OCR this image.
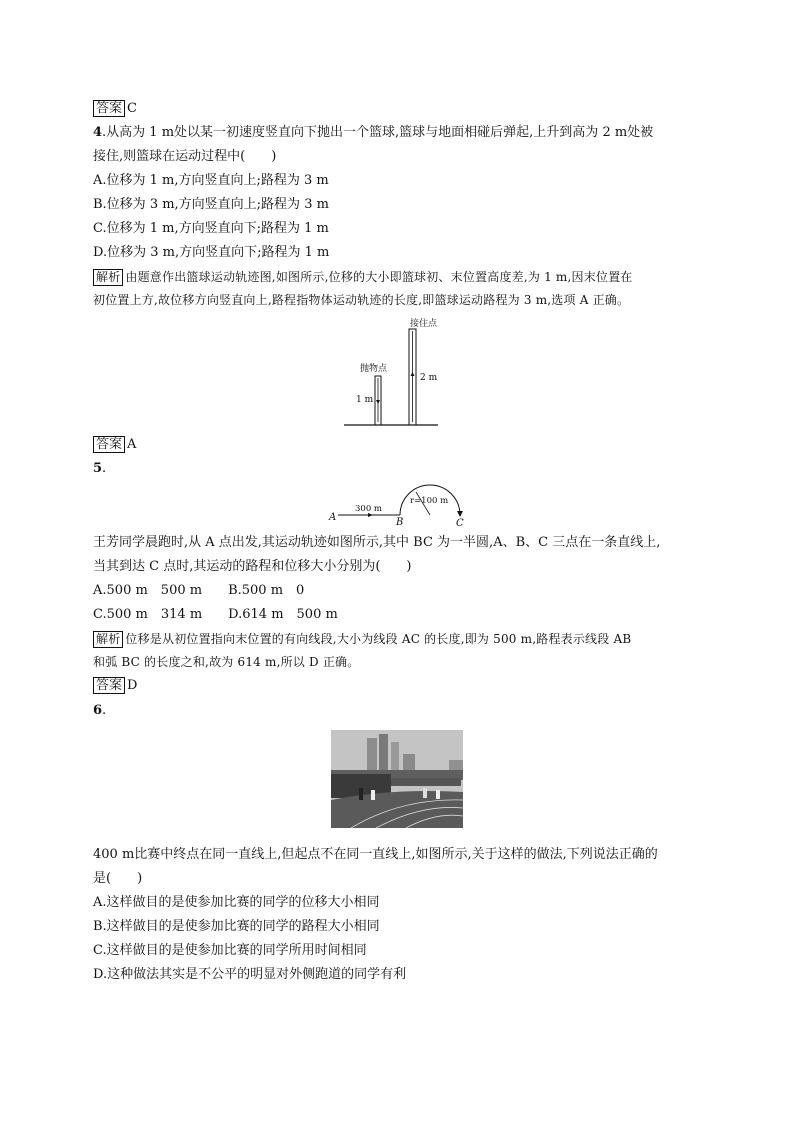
答案 C
4.从高为 1 m处以某一初速度竖直向下抛出一个篮球,篮球与地面相碰后弹起,上升到高为 2 m处被
接住,则篮球在运动过程中(　　)
A.位移为 1 m,方向竖直向上;路程为 3 m
B.位移为 3 m,方向竖直向上;路程为 3 m
C.位移为 1 m,方向竖直向下;路程为 1 m
D.位移为 3 m,方向竖直向下;路程为 1 m
解析 由题意作出篮球运动轨迹图,如图所示,位移的大小即篮球初、末位置高度差,为 1 m,因末位置在
初位置上方,故位移方向竖直向上,路程指物体运动轨迹的长度,即篮球运动路程为 3 m,选项 A 正确。
接住点
抛物点
1 m
2 m
答案 A
5.
A	B	C
300 m
r=100 m
王芳同学晨跑时,从 A 点出发,其运动轨迹如图所示,其中 BC 为一半圆,A、B、C 三点在一条直线上,
当其到达 C 点时,其运动的路程和位移大小分别为(　　)
A.500 m　500 m　　B.500 m　0
C.500 m　314 m　　D.614 m　500 m
解析 位移是从初位置指向末位置的有向线段,大小为线段 AC 的长度,即为 500 m,路程表示线段 AB
和弧 BC 的长度之和,故为 614 m,所以 D 正确。
答案 D
6.
400 m比赛中终点在同一直线上,但起点不在同一直线上,如图所示,关于这样的做法,下列说法正确的
是(　　)
A.这样做目的是使参加比赛的同学的位移大小相同
B.这样做目的是使参加比赛的同学的路程大小相同
C.这样做目的是使参加比赛的同学所用时间相同
D.这种做法其实是不公平的明显对外侧跑道的同学有利
